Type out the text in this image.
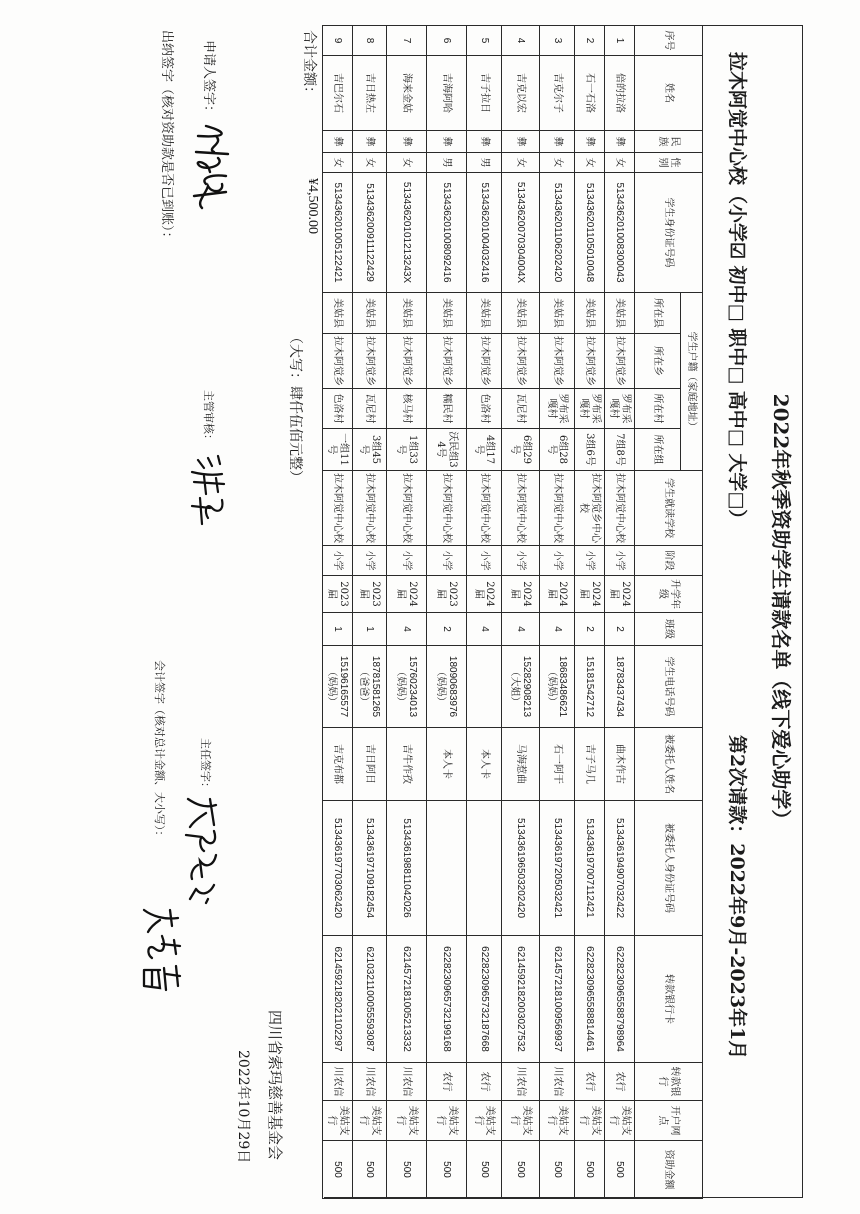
2022年秋季资助学生请款名单（线下爱心助学）
拉木阿觉中心校（小学☑ 初中□ 职中□ 高中□ 大学□）
第2次请款：2022年9月-2023年1月
序号	姓名	民族	性别	学生身份证号码	学生户籍（家庭地址）				学生就读学校	阶段	升学年级	班级	学生电话号码	被委托人姓名	被委托人身份证号码	转款银行卡	转款银行	开户网点	资助金额
					所在县	所在乡	所在村	所在组											
1	倍的拉洛	彝	女	513436201008300043	美姑县	拉木阿觉乡	罗布采嘎村	7组8号	拉木阿觉中心校	小学	2024届	2	18783437434	曲木作古	513436194907032422	6228230965588798964	农行	美姑支行	500
2	石一石洛	彝	女	513436201105010048	美姑县	拉木阿觉乡	罗布采嘎村	3组6号	拉木阿觉乡中心校	小学	2024届	2	15181542712	吉子马几	513436197007112421	6228230965588814461	农行	美姑支行	500
3	吉克尔子	彝	女	513436201106202420	美姑县	拉木阿觉乡	罗布采嘎村	6组28号	拉木阿觉中心校	小学	2024届	4	18683486621（妈妈）	石一阿干	513436197205032421	6214572181009569937	川农信	美姑支行	500
4	吉克以宏	彝	女	51343620070304004X	美姑县	拉木阿觉乡	瓦尼村	6组29号	拉木阿觉中心校	小学	2024届	4	15282908213（大姐）	马海惹曲	513436196503202420	6214592182003027532	川农信	美姑支行	500
5	吉子拉日	彝	男	513436201004032416	美姑县	拉木阿觉乡	色洛村	4组17号	拉木阿觉中心校	小学	2024届	4		本人卡		6228230965732187668	农行	美姑支行	500
6	吉海阿哈	彝	男	513436201008092416	美姑县	拉木阿觉乡	糯民村	沃民组34号	拉木阿觉中心校	小学	2023届	2	18090683976（妈妈）	本人卡		6228230965732199168	农行	美姑支行	500
7	海来金姑	彝	女	51343620101213243X	美姑县	拉木阿觉乡	核马村	1组33号	拉木阿觉中心校	小学	2024届	4	15760234013（妈妈）	吉牛作孜	513436198811042026	6214572181005213332	川农信	美姑支行	500
8	吉日热左	彝	女	513436200911122429	美姑县	拉木阿觉乡	瓦尼村	3组45号	拉木阿觉中心校	小学	2023届	1	18781581265（爸爸）	吉日阿日	513436197109182454	6210321100055593087	川农信	美姑支行	500
9	吉巴尔石	彝	女	513436201005122421	美姑县	拉木阿觉乡	色洛村	一组11号	拉木阿觉中心校	小学	2023届	1	15196165577（妈妈）	吉克布都	513436197703062420	6214592182021102297	川农信	美姑支行	500
合计金额：
¥4,500.00
（大写：肆仟伍佰元整）
四川省索玛慈善基金会
2022年10月29日
申请人签字：
主管审核：
主任签字：
出纳签字（核对资助款是否已到账）：
会计签字（核对总计金额、大小写）：
